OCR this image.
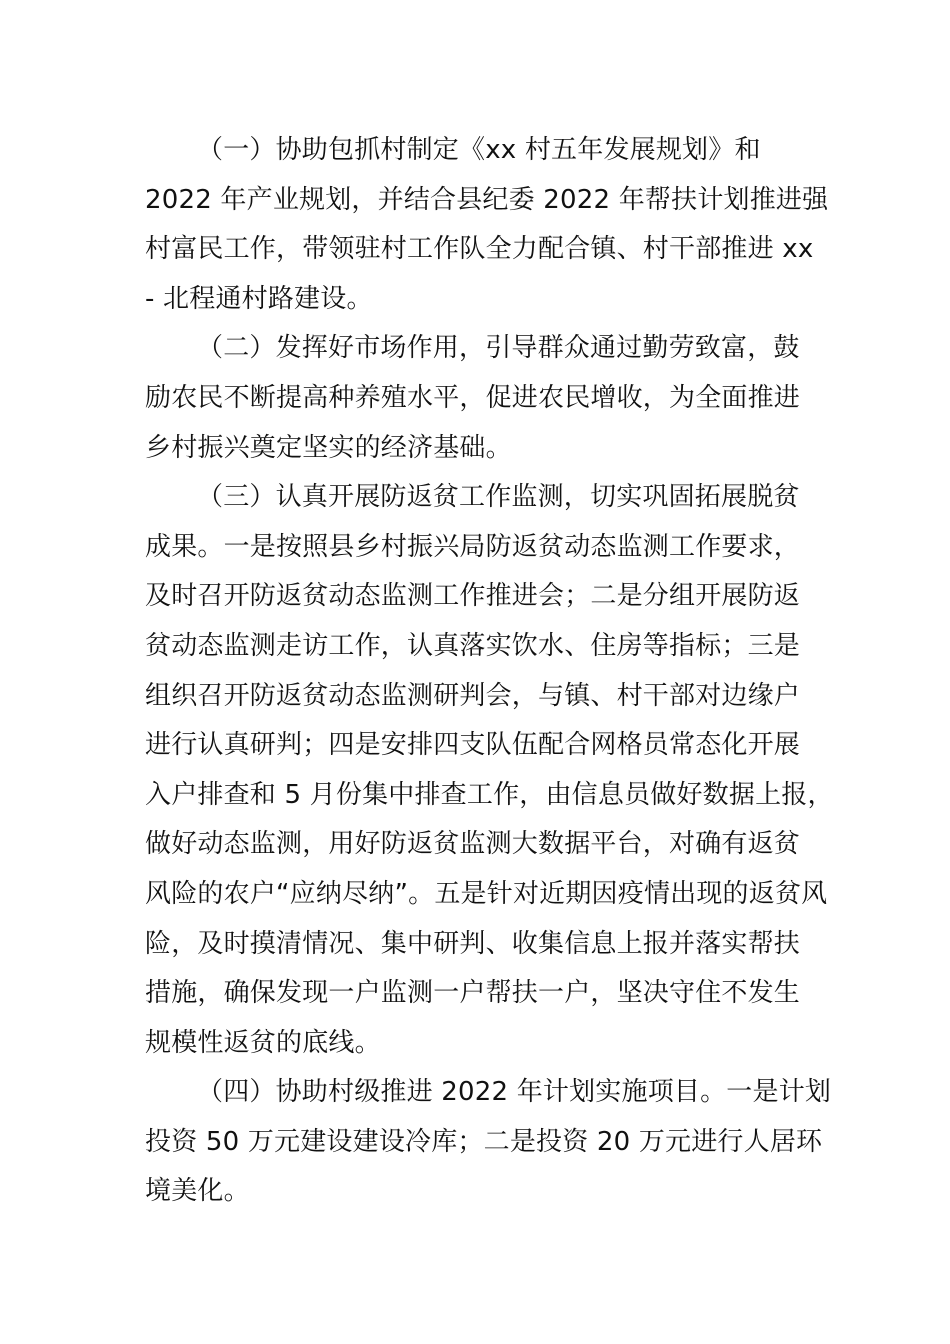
（一）协助包抓村制定《xx 村五年发展规划》和
2022 年产业规划，并结合县纪委 2022 年帮扶计划推进强
村富民工作，带领驻村工作队全力配合镇、村干部推进 xx
- 北程通村路建设。
（二）发挥好市场作用，引导群众通过勤劳致富，鼓
励农民不断提高种养殖水平，促进农民增收，为全面推进
乡村振兴奠定坚实的经济基础。
（三）认真开展防返贫工作监测，切实巩固拓展脱贫
成果。一是按照县乡村振兴局防返贫动态监测工作要求，
及时召开防返贫动态监测工作推进会；二是分组开展防返
贫动态监测走访工作，认真落实饮水、住房等指标；三是
组织召开防返贫动态监测研判会，与镇、村干部对边缘户
进行认真研判；四是安排四支队伍配合网格员常态化开展
入户排查和 5 月份集中排查工作，由信息员做好数据上报，
做好动态监测，用好防返贫监测大数据平台，对确有返贫
风险的农户“应纳尽纳”。五是针对近期因疫情出现的返贫风
险，及时摸清情况、集中研判、收集信息上报并落实帮扶
措施，确保发现一户监测一户帮扶一户，坚决守住不发生
规模性返贫的底线。
（四）协助村级推进 2022 年计划实施项目。一是计划
投资 50 万元建设建设冷库；二是投资 20 万元进行人居环
境美化。
